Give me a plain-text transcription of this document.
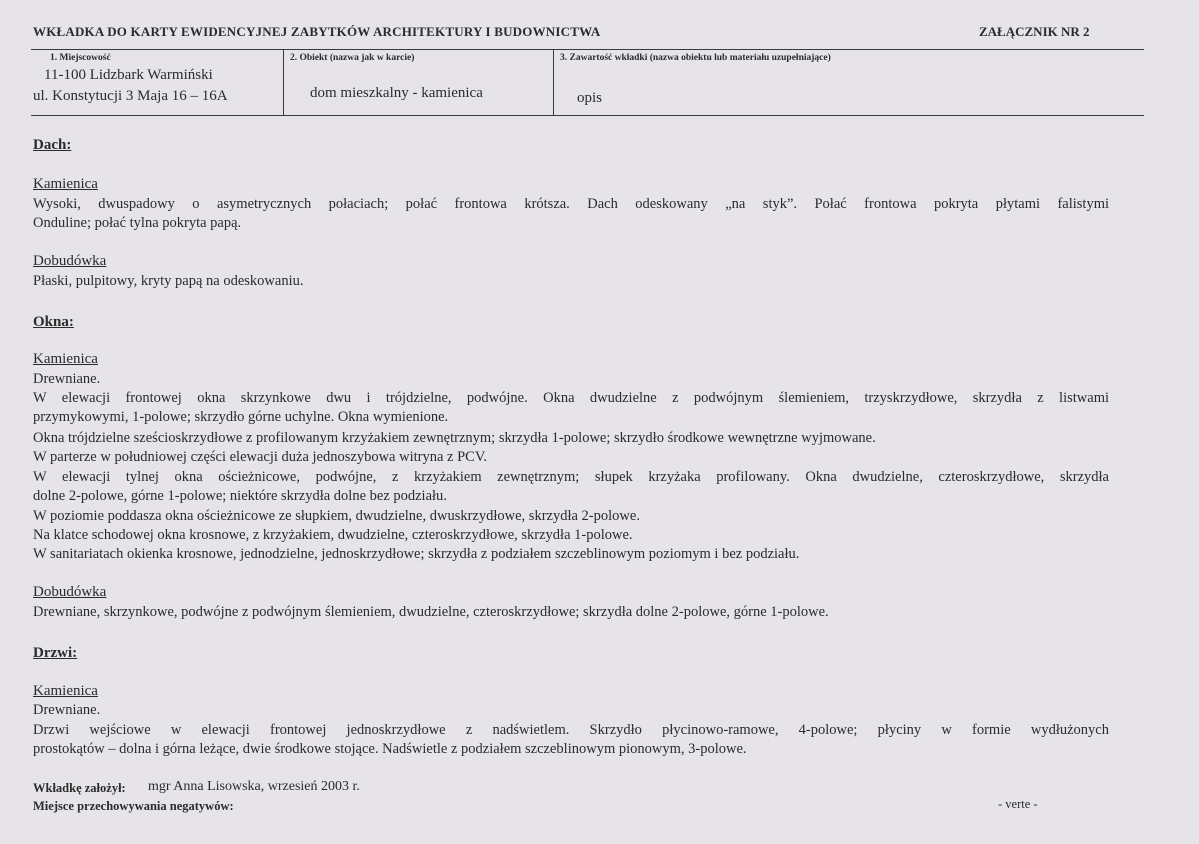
WKŁADKA DO KARTY EWIDENCYJNEJ ZABYTKÓW ARCHITEKTURY I BUDOWNICTWA	ZAŁĄCZNIK NR 2
1. Miejscowość
11-100 Lidzbark Warmiński
ul. Konstytucji 3 Maja 16 – 16A
2. Obiekt (nazwa jak w karcie)
dom mieszkalny - kamienica
3. Zawartość wkładki (nazwa obiektu lub materiału uzupełniające)
opis
Dach:
Kamienica
Wysoki, dwuspadowy o asymetrycznych połaciach; połać frontowa krótsza. Dach odeskowany „na styk”. Połać frontowa pokryta płytami falistymi
Onduline; połać tylna pokryta papą.
Dobudówka
Płaski, pulpitowy, kryty papą na odeskowaniu.
Okna:
Kamienica
Drewniane.
W elewacji frontowej okna skrzynkowe dwu i trójdzielne, podwójne. Okna dwudzielne z podwójnym ślemieniem, trzyskrzydłowe, skrzydła z listwami
przymykowymi, 1-polowe; skrzydło górne uchylne. Okna wymienione.
Okna trójdzielne sześcioskrzydłowe z profilowanym krzyżakiem zewnętrznym; skrzydła 1-polowe; skrzydło środkowe wewnętrzne wyjmowane.
W parterze w południowej części elewacji duża jednoszybowa witryna z PCV.
W elewacji tylnej okna ościeżnicowe, podwójne, z krzyżakiem zewnętrznym; słupek krzyżaka profilowany. Okna dwudzielne, czteroskrzydłowe, skrzydła
dolne 2-polowe, górne 1-polowe; niektóre skrzydła dolne bez podziału.
W poziomie poddasza okna ościeżnicowe ze słupkiem, dwudzielne, dwuskrzydłowe, skrzydła 2-polowe.
Na klatce schodowej okna krosnowe, z krzyżakiem, dwudzielne, czteroskrzydłowe, skrzydła 1-polowe.
W sanitariatach okienka krosnowe, jednodzielne, jednoskrzydłowe; skrzydła z podziałem szczeblinowym poziomym i bez podziału.
Dobudówka
Drewniane, skrzynkowe, podwójne z podwójnym ślemieniem, dwudzielne, czteroskrzydłowe; skrzydła dolne 2-polowe, górne 1-polowe.
Drzwi:
Kamienica
Drewniane.
Drzwi wejściowe w elewacji frontowej jednoskrzydłowe z nadświetlem. Skrzydło płycinowo-ramowe, 4-polowe; płyciny w formie wydłużonych
prostokątów – dolna i górna leżące, dwie środkowe stojące. Nadświetle z podziałem szczeblinowym pionowym, 3-polowe.
Wkładkę założył: mgr Anna Lisowska, wrzesień 2003 r.
Miejsce przechowywania negatywów:	- verte -
